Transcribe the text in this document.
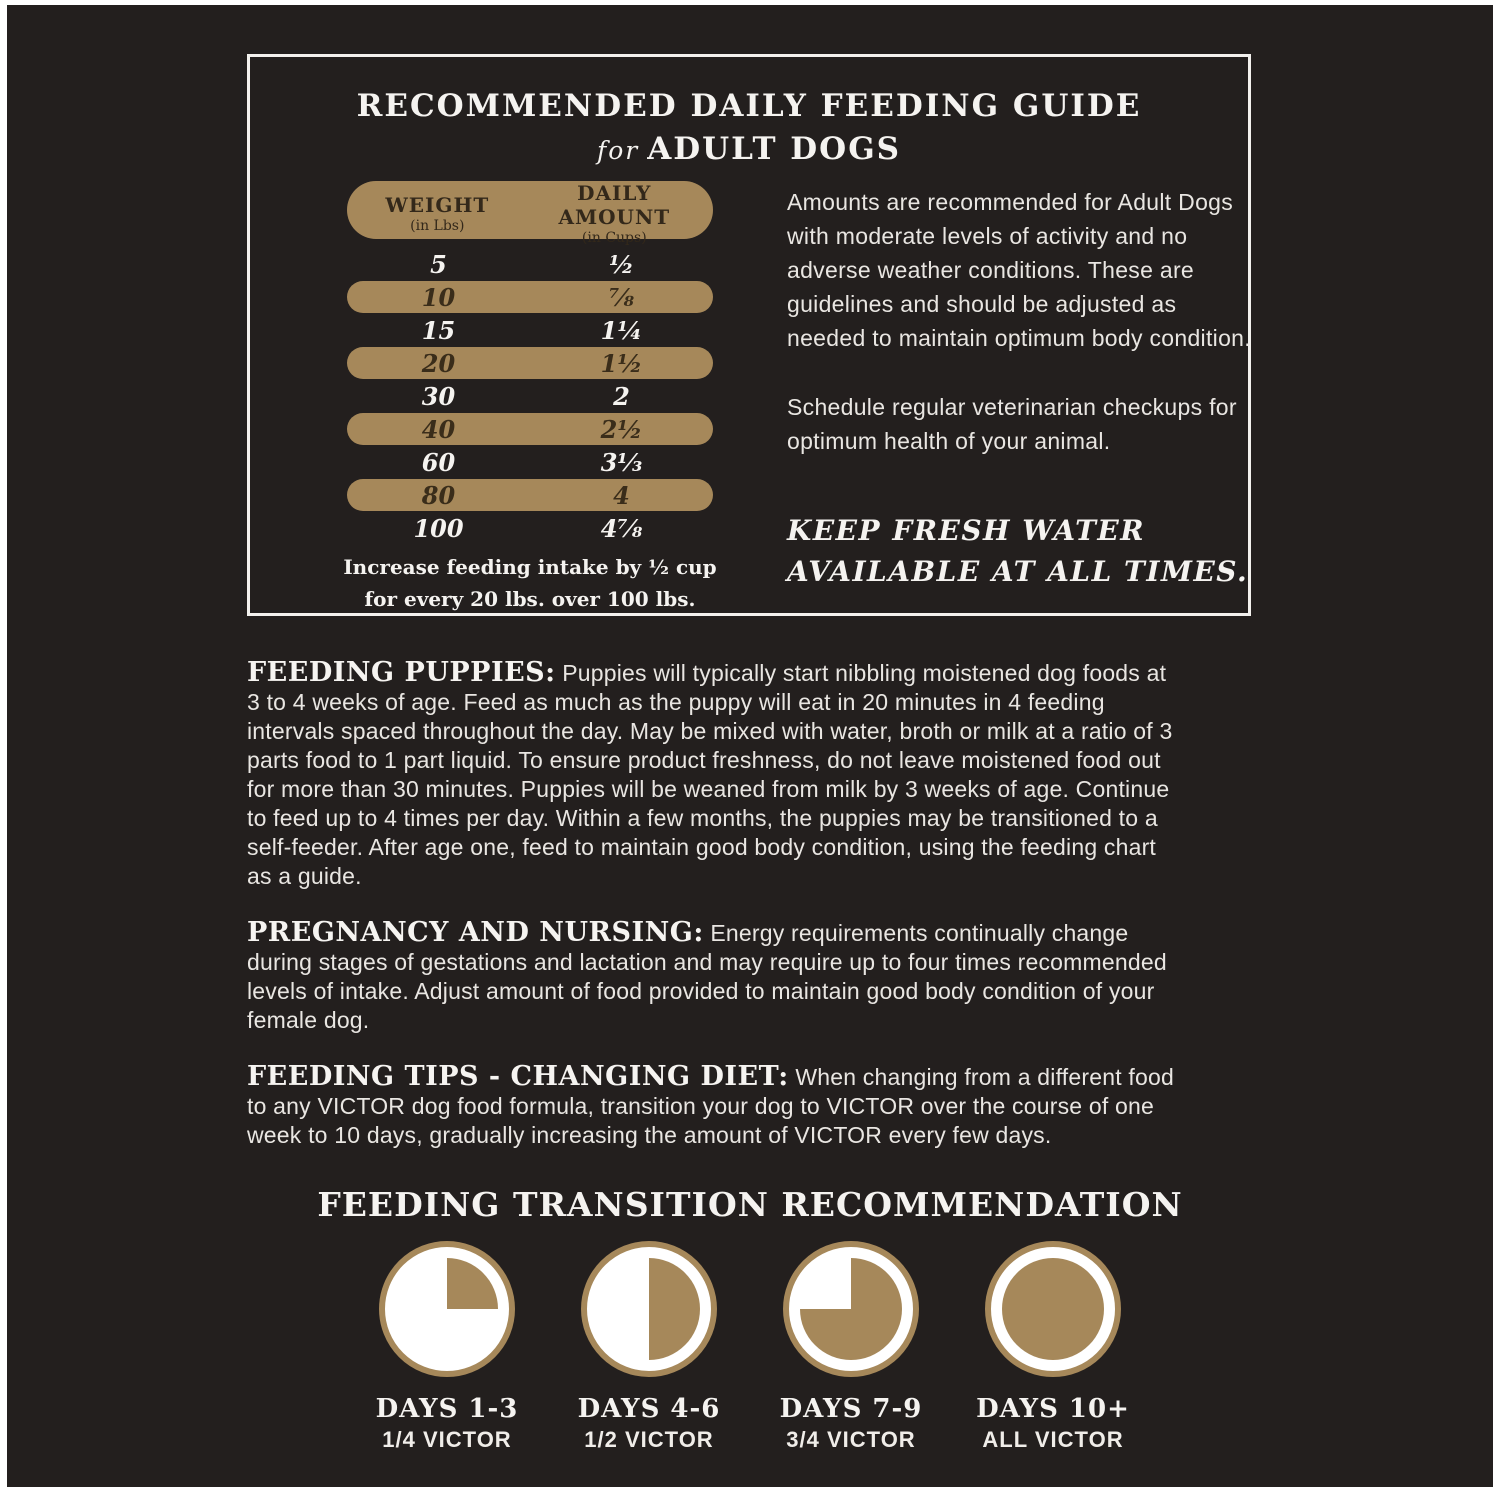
RECOMMENDED DAILY FEEDING GUIDE
for ADULT DOGS
WEIGHT
(in Lbs)
DAILY AMOUNT
(in Cups)
5	½
10	⅞
15	1¼
20	1½
30	2
40	2½
60	3⅓
80	4
100	4⅞
Increase feeding intake by ½ cup
for every 20 lbs. over 100 lbs.

Amounts are recommended for Adult Dogs with moderate levels of activity and no adverse weather conditions. These are guidelines and should be adjusted as needed to maintain optimum body condition.

Schedule regular veterinarian checkups for optimum health of your animal.

KEEP FRESH WATER
AVAILABLE AT ALL TIMES.

FEEDING PUPPIES: Puppies will typically start nibbling moistened dog foods at 3 to 4 weeks of age. Feed as much as the puppy will eat in 20 minutes in 4 feeding intervals spaced throughout the day. May be mixed with water, broth or milk at a ratio of 3 parts food to 1 part liquid. To ensure product freshness, do not leave moistened food out for more than 30 minutes. Puppies will be weaned from milk by 3 weeks of age. Continue to feed up to 4 times per day. Within a few months, the puppies may be transitioned to a self-feeder. After age one, feed to maintain good body condition, using the feeding chart as a guide.

PREGNANCY AND NURSING: Energy requirements continually change during stages of gestations and lactation and may require up to four times recommended levels of intake. Adjust amount of food provided to maintain good body condition of your female dog.

FEEDING TIPS - CHANGING DIET: When changing from a different food to any VICTOR dog food formula, transition your dog to VICTOR over the course of one week to 10 days, gradually increasing the amount of VICTOR every few days.

FEEDING TRANSITION RECOMMENDATION
DAYS 1-3
1/4 VICTOR
DAYS 4-6
1/2 VICTOR
DAYS 7-9
3/4 VICTOR
DAYS 10+
ALL VICTOR
